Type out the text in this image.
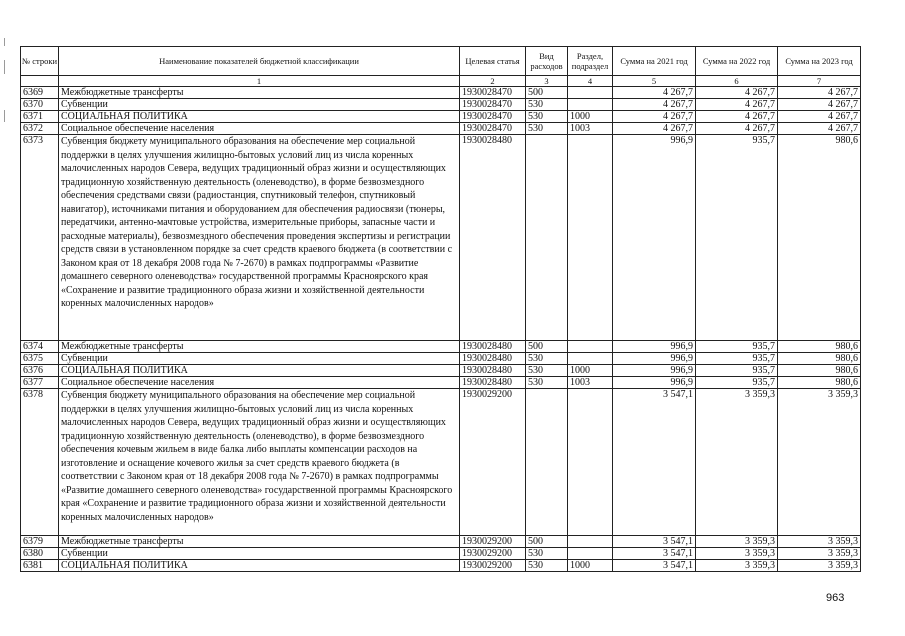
№ строки	Наименование показателей бюджетной классификации	Целевая статья	Вид расходов	Раздел, подраздел	Сумма на 2021 год	Сумма на 2022 год	Сумма на 2023 год
	1	2	3	4	5	6	7
6369	Межбюджетные трансферты	1930028470	500		4 267,7	4 267,7	4 267,7
6370	Субвенции	1930028470	530		4 267,7	4 267,7	4 267,7
6371	СОЦИАЛЬНАЯ ПОЛИТИКА	1930028470	530	1000	4 267,7	4 267,7	4 267,7
6372	Социальное обеспечение населения	1930028470	530	1003	4 267,7	4 267,7	4 267,7
6373	Субвенция бюджету муниципального образования на обеспечение мер социальной поддержки в целях улучшения жилищно-бытовых условий лиц из числа коренных малочисленных народов Севера, ведущих традиционный образ жизни и осуществляющих традиционную хозяйственную деятельность (оленеводство), в форме безвозмездного обеспечения средствами связи (радиостанция, спутниковый телефон, спутниковый навигатор), источниками питания и оборудованием для обеспечения радиосвязи (тюнеры, передатчики, антенно-мачтовые устройства, измерительные приборы, запасные части и расходные материалы), безвозмездного обеспечения проведения экспертизы и регистрации средств связи в установленном порядке за счет средств краевого бюджета (в соответствии с Законом края от 18 декабря 2008 года № 7-2670) в рамках подпрограммы «Развитие домашнего северного оленеводства» государственной программы Красноярского края «Сохранение и развитие традиционного образа жизни и хозяйственной деятельности коренных малочисленных народов»	1930028480			996,9	935,7	980,6
6374	Межбюджетные трансферты	1930028480	500		996,9	935,7	980,6
6375	Субвенции	1930028480	530		996,9	935,7	980,6
6376	СОЦИАЛЬНАЯ ПОЛИТИКА	1930028480	530	1000	996,9	935,7	980,6
6377	Социальное обеспечение населения	1930028480	530	1003	996,9	935,7	980,6
6378	Субвенция бюджету муниципального образования на обеспечение мер социальной поддержки в целях улучшения жилищно-бытовых условий лиц из числа коренных малочисленных народов Севера, ведущих традиционный образ жизни и осуществляющих традиционную хозяйственную деятельность (оленеводство), в форме безвозмездного обеспечения кочевым жильем в виде балка либо выплаты компенсации расходов на изготовление и оснащение кочевого жилья за счет средств краевого бюджета (в соответствии с Законом края от 18 декабря 2008 года № 7-2670) в рамках подпрограммы «Развитие домашнего северного оленеводства» государственной программы Красноярского края «Сохранение и развитие традиционного образа жизни и хозяйственной деятельности коренных малочисленных народов»	1930029200			3 547,1	3 359,3	3 359,3
6379	Межбюджетные трансферты	1930029200	500		3 547,1	3 359,3	3 359,3
6380	Субвенции	1930029200	530		3 547,1	3 359,3	3 359,3
6381	СОЦИАЛЬНАЯ ПОЛИТИКА	1930029200	530	1000	3 547,1	3 359,3	3 359,3
963
